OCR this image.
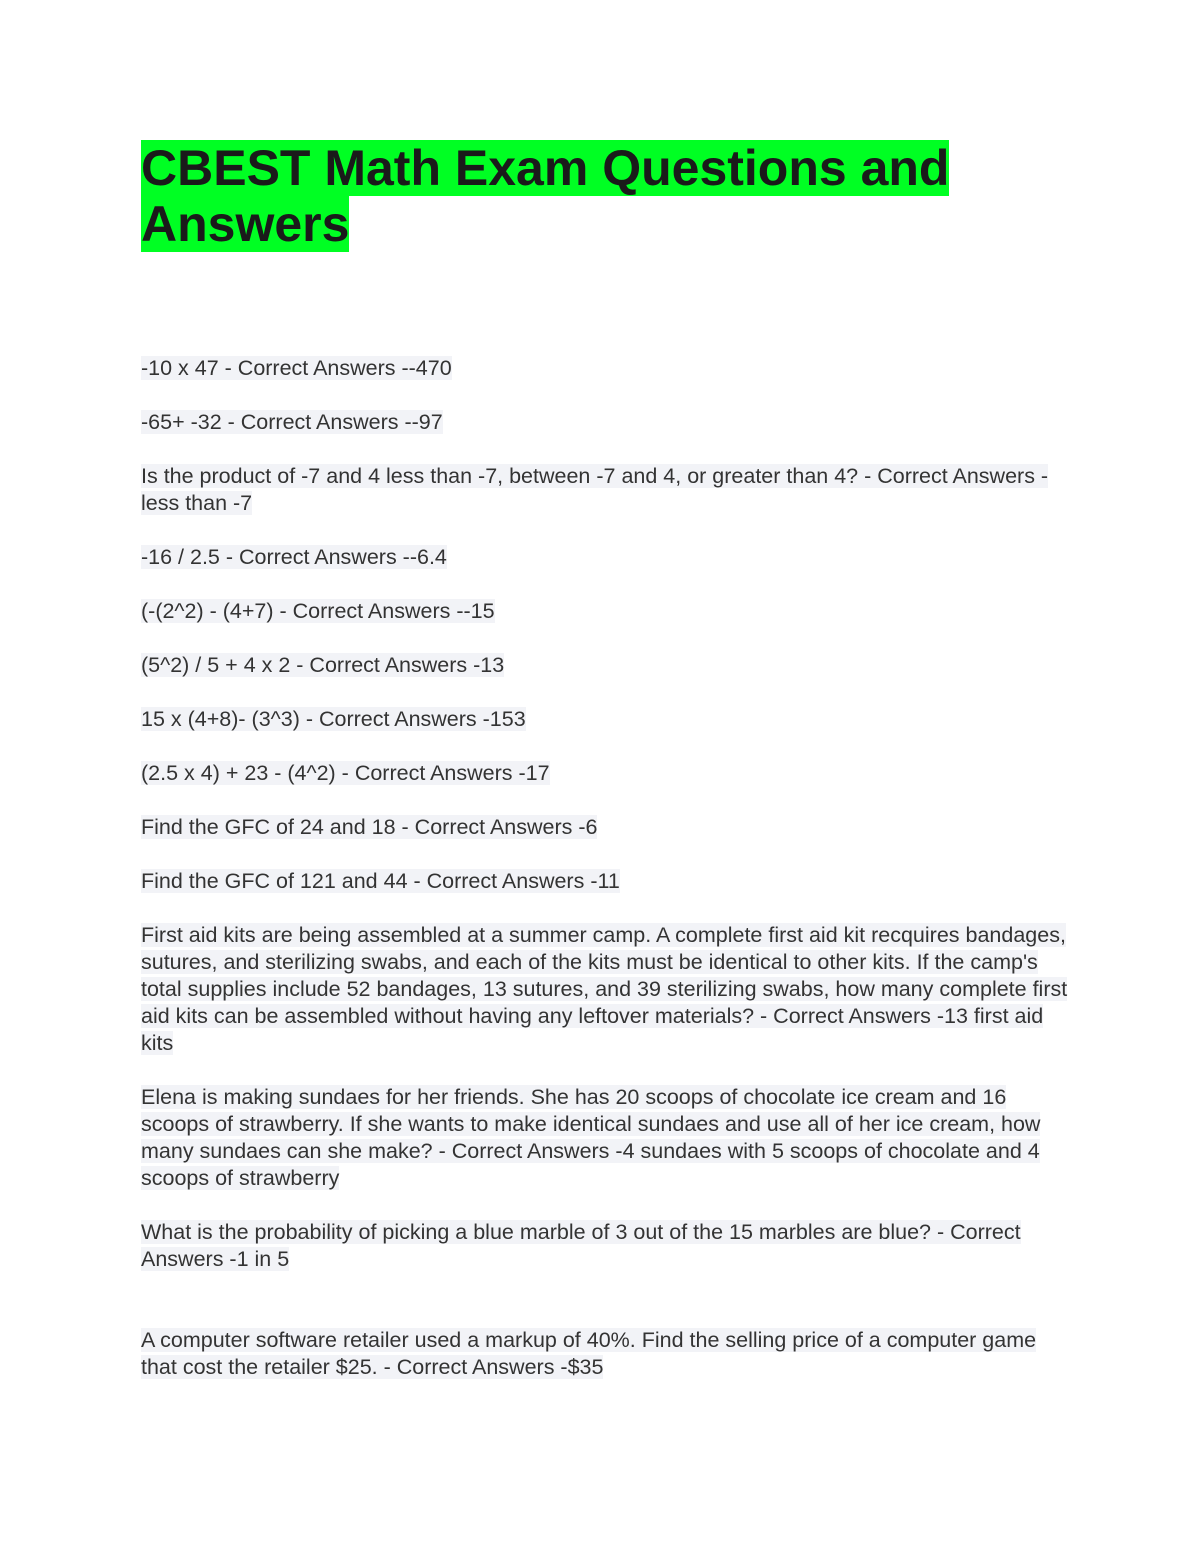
CBEST Math Exam Questions and Answers

-10 x 47 - Correct Answers --470

-65+ -32 - Correct Answers --97

Is the product of -7 and 4 less than -7, between -7 and 4, or greater than 4? - Correct Answers -less than -7

-16 / 2.5 - Correct Answers --6.4

(-(2^2) - (4+7) - Correct Answers --15

(5^2) / 5 + 4 x 2 - Correct Answers -13

15 x (4+8)- (3^3) - Correct Answers -153

(2.5 x 4) + 23 - (4^2) - Correct Answers -17

Find the GFC of 24 and 18 - Correct Answers -6

Find the GFC of 121 and 44 - Correct Answers -11

First aid kits are being assembled at a summer camp. A complete first aid kit recquires bandages, sutures, and sterilizing swabs, and each of the kits must be identical to other kits. If the camp's total supplies include 52 bandages, 13 sutures, and 39 sterilizing swabs, how many complete first aid kits can be assembled without having any leftover materials? - Correct Answers -13 first aid kits

Elena is making sundaes for her friends. She has 20 scoops of chocolate ice cream and 16 scoops of strawberry. If she wants to make identical sundaes and use all of her ice cream, how many sundaes can she make? - Correct Answers -4 sundaes with 5 scoops of chocolate and 4 scoops of strawberry

What is the probability of picking a blue marble of 3 out of the 15 marbles are blue? - Correct Answers -1 in 5

A computer software retailer used a markup of 40%. Find the selling price of a computer game that cost the retailer $25. - Correct Answers -$35
